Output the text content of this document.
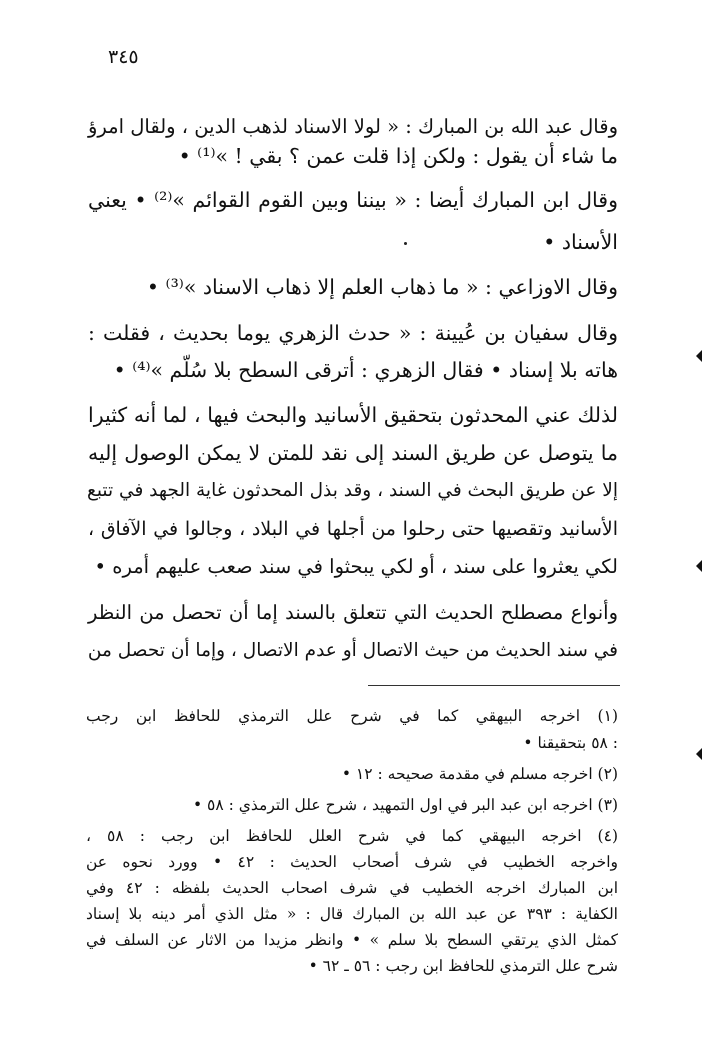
٣٤٥
وقال عبد الله بن المبارك : « لولا الاسناد لذهب الدين ، ولقال امرؤ
ما شاء أن يقول : ولكن إذا قلت عمن ؟ بقي ! »⁽¹⁾ •
وقال ابن المبارك أيضا : « بيننا وبين القوم القوائم »⁽²⁾ • يعني
الأسناد •
وقال الاوزاعي : « ما ذهاب العلم إلا ذهاب الاسناد »⁽³⁾ •
وقال سفيان بن عُيينة : « حدث الزهري يوما بحديث ، فقلت :
هاته بلا إسناد • فقال الزهري : أترقى السطح بلا سُلّم »⁽⁴⁾ •
لذلك عني المحدثون بتحقيق الأسانيد والبحث فيها ، لما أنه كثيرا
ما يتوصل عن طريق السند إلى نقد للمتن لا يمكن الوصول إليه
إلا عن طريق البحث في السند ، وقد بذل المحدثون غاية الجهد في تتبع
الأسانيد وتقصيها حتى رحلوا من أجلها في البلاد ، وجالوا في الآفاق ،
لكي يعثروا على سند ، أو لكي يبحثوا في سند صعب عليهم أمره •
وأنواع مصطلح الحديث التي تتعلق بالسند إما أن تحصل من النظر
في سند الحديث من حيث الاتصال أو عدم الاتصال ، وإما أن تحصل من
(١) اخرجه البيهقي كما في شرح علل الترمذي للحافظ ابن رجب
: ٥٨ بتحقيقنا •
(٢) اخرجه مسلم في مقدمة صحيحه : ١٢ •
(٣) اخرجه ابن عبد البر في اول التمهيد ، شرح علل الترمذي : ٥٨ •
(٤) اخرجه البيهقي كما في شرح العلل للحافظ ابن رجب : ٥٨ ،
واخرجه الخطيب في شرف أصحاب الحديث : ٤٢ • وورد نحوه عن
ابن المبارك اخرجه الخطيب في شرف اصحاب الحديث بلفظه : ٤٢ وفي
الكفاية : ٣٩٣ عن عبد الله بن المبارك قال : « مثل الذي أمر دينه بلا إسناد
كمثل الذي يرتقي السطح بلا سلم » • وانظر مزيدا من الاثار عن السلف في
شرح علل الترمذي للحافظ ابن رجب : ٥٦ ـ ٦٢ •
